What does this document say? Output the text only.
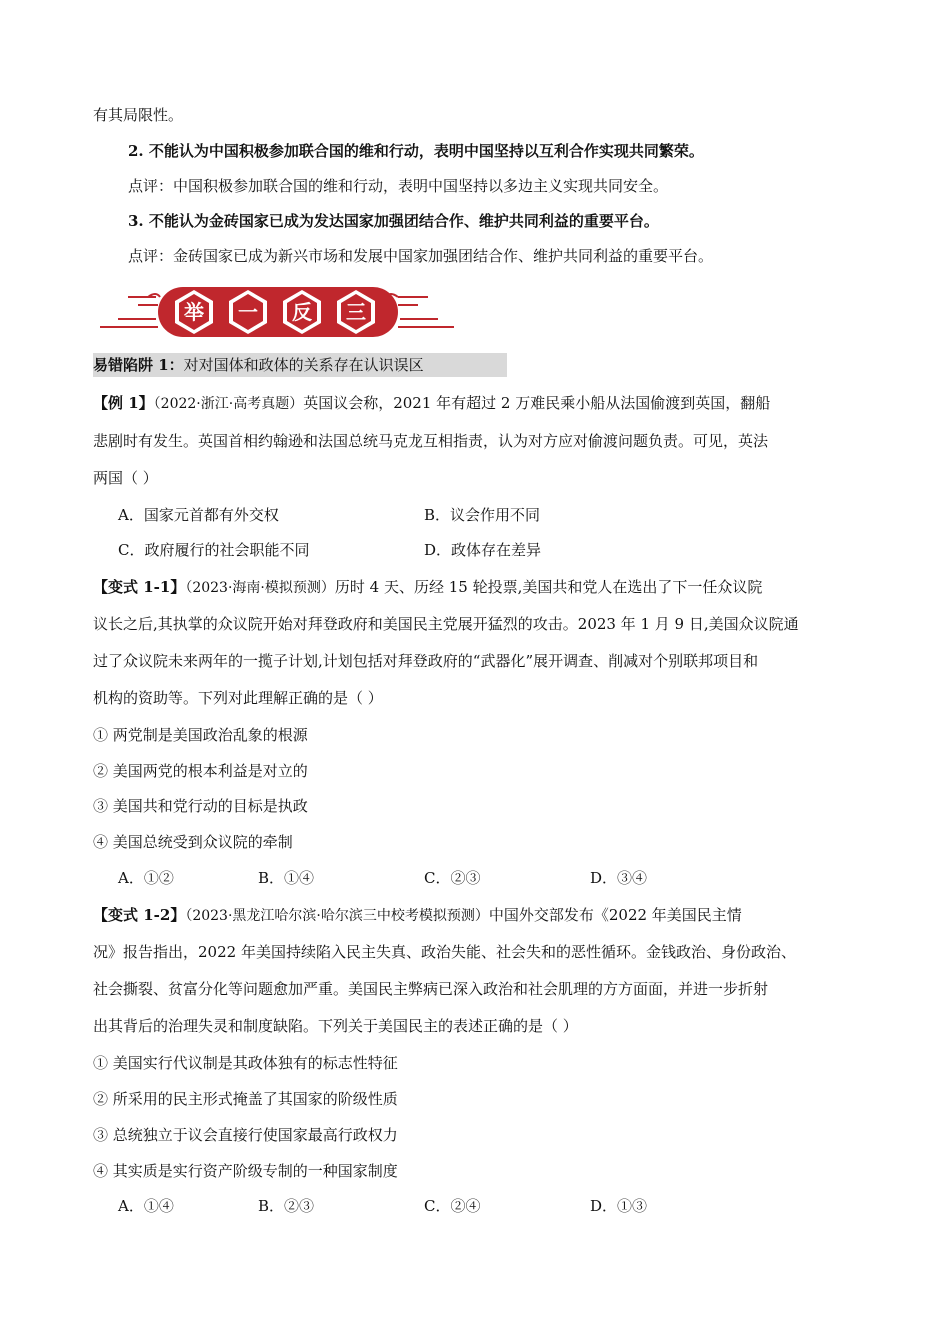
有其局限性。
2. 不能认为中国积极参加联合国的维和行动，表明中国坚持以互利合作实现共同繁荣。
点评：中国积极参加联合国的维和行动，表明中国坚持以多边主义实现共同安全。
3. 不能认为金砖国家已成为发达国家加强团结合作、维护共同利益的重要平台。
点评：金砖国家已成为新兴市场和发展中国家加强团结合作、维护共同利益的重要平台。
举 一 反 三
易错陷阱 1：对对国体和政体的关系存在认识误区
【例 1】（2022·浙江·高考真题）英国议会称，2021 年有超过 2 万难民乘小船从法国偷渡到英国，翻船
悲剧时有发生。英国首相约翰逊和法国总统马克龙互相指责，认为对方应对偷渡问题负责。可见，英法
两国（ ）
A．国家元首都有外交权	B．议会作用不同
C．政府履行的社会职能不同	D．政体存在差异
【变式 1-1】（2023·海南·模拟预测）历时 4 天、历经 15 轮投票,美国共和党人在选出了下一任众议院
议长之后,其执掌的众议院开始对拜登政府和美国民主党展开猛烈的攻击。2023 年 1 月 9 日,美国众议院通
过了众议院未来两年的一揽子计划,计划包括对拜登政府的“武器化”展开调查、削减对个别联邦项目和
机构的资助等。下列对此理解正确的是（ ）
① 两党制是美国政治乱象的根源
② 美国两党的根本利益是对立的
③ 美国共和党行动的目标是执政
④ 美国总统受到众议院的牵制
A．①②	B．①④	C．②③	D．③④
【变式 1-2】（2023·黑龙江哈尔滨·哈尔滨三中校考模拟预测）中国外交部发布《2022 年美国民主情
况》报告指出，2022 年美国持续陷入民主失真、政治失能、社会失和的恶性循环。金钱政治、身份政治、
社会撕裂、贫富分化等问题愈加严重。美国民主弊病已深入政治和社会肌理的方方面面，并进一步折射
出其背后的治理失灵和制度缺陷。下列关于美国民主的表述正确的是（ ）
① 美国实行代议制是其政体独有的标志性特征
② 所采用的民主形式掩盖了其国家的阶级性质
③ 总统独立于议会直接行使国家最高行政权力
④ 其实质是实行资产阶级专制的一种国家制度
A．①④	B．②③	C．②④	D．①③
